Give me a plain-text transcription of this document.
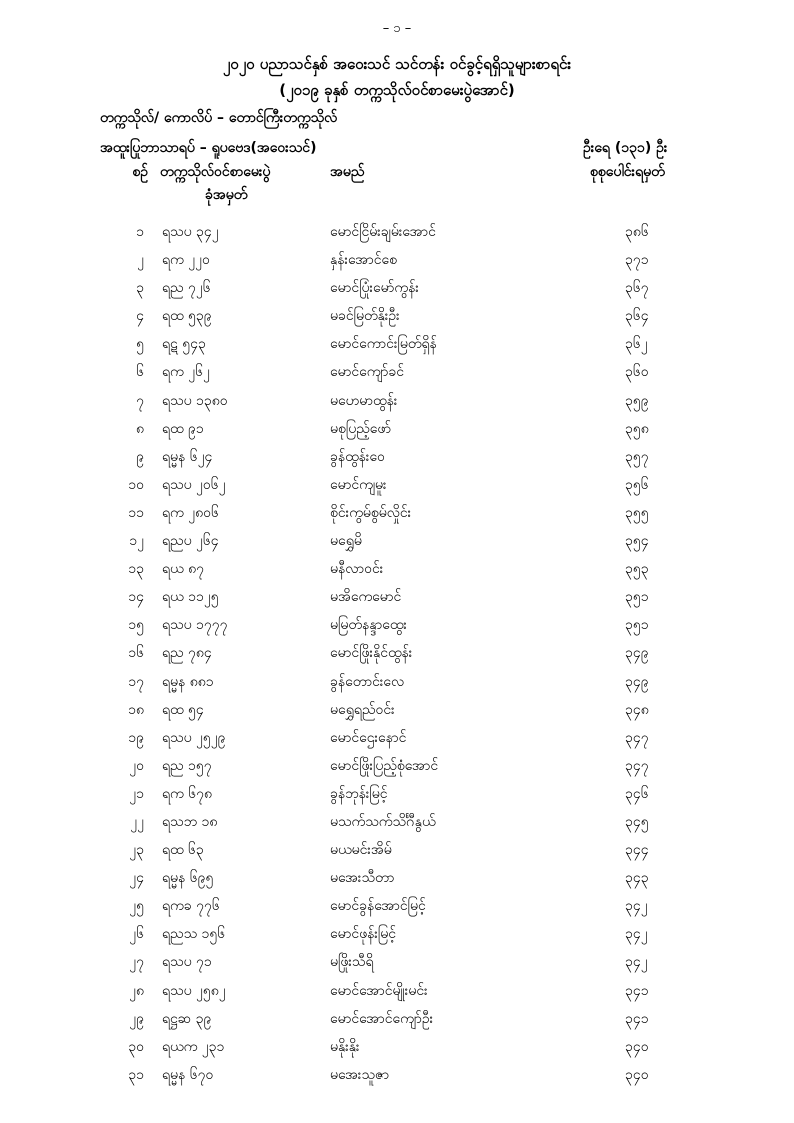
– ၁ –
၂၀၂၀ ပညာသင်နှစ် အဝေးသင် သင်တန်း ဝင်ခွင့်ရရှိသူများစာရင်း
(၂၀၁၉ ခုနှစ် တက္ကသိုလ်ဝင်စာမေးပွဲအောင်)
တက္ကသိုလ်/ ကောလိပ် – တောင်ကြီးတက္ကသိုလ်
အထူးပြုဘာသာရပ် – ရူပဗေဒ(အဝေးသင်)	ဦးရေ (၁၃၁) ဦး
စဉ် တက္ကသိုလ်ဝင်စာမေးပွဲ
ခုံအမှတ်
အမည်	စုစုပေါင်းရမှတ်
၁ ရသပ ၃၄၂	မောင်ငြိမ်းချမ်းအောင်	၃၈၆
၂ ရက ၂၂၀	နှန်းအောင်စေ	၃၇၁
၃ ရည ၇၂၆	မောင်ပြုံးမော်ကွန်း	၃၆၇
၄ ရထ ၅၃၉	မခင်မြတ်နိုးဦး	၃၆၄
၅ ရဋ ၅၄၃	မောင်ကောင်းမြတ်ရှိန်	၃၆၂
၆ ရက ၂၆၂	မောင်ကျော်ခင်	၃၆၀
၇ ရသပ ၁၃၈၀	မဟေမာထွန်း	၃၅၉
၈ ရထ ၉၁	မစုပြည့်ဖော်	၃၅၈
၉ ရမ္မန ၆၂၄	ခွန်ထွန်းဝေ	၃၅၇
၁၀ ရသပ ၂၀၆၂	မောင်ကျမူး	၃၅၆
၁၁ ရက ၂၈၀၆	စိုင်းကွမ်စွမ်လှိုင်း	၃၅၅
၁၂ ရညပ ၂၆၄	မရွှေမိ	၃၅၄
၁၃ ရယ ၈၇	မနီလာဝင်း	၃၅၃
၁၄ ရယ ၁၁၂၅	မအိကေမောင်	၃၅၁
၁၅ ရသပ ၁၇၇၇	မမြတ်နန္ဒာထွေး	၃၅၁
၁၆ ရည ၇၈၄	မောင်ဖြိုးနိုင်ထွန်း	၃၄၉
၁၇ ရမ္မန ၈၈၁	ခွန်တောင်းလေ	၃၄၉
၁၈ ရထ ၅၄	မရွှေရည်ဝင်း	၃၄၈
၁၉ ရသပ ၂၅၂၉	မောင်ဌေးနောင်	၃၄၇
၂၀ ရည ၁၅၇	မောင်ဖြိုးပြည့်စုံအောင်	၃၄၇
၂၁ ရက ၆၇၈	ခွန်ဘုန်းမြင့်	၃၄၆
၂၂ ရသဘ ၁၈	မသက်သက်သိင်္ဂီနွယ်	၃၄၅
၂၃ ရထ ၆၃	မယမင်းအိမ်	၃၄၄
၂၄ ရမ္မန ၆၉၅	မအေးသီတာ	၃၄၃
၂၅ ရကခ ၇၇၆	မောင်ခွန်အောင်မြင့်	၃၄၂
၂၆ ရညသ ၁၅၆	မောင်ဖုန်းမြင့်	၃၄၂
၂၇ ရသပ ၇၁	မဖြိုးသီရိ	၃၄၂
၂၈ ရသပ ၂၅၈၂	မောင်အောင်မျိုးမင်း	၃၄၁
၂၉ ရဋ္ဌဆ ၃၉	မောင်အောင်ကျော်ဦး	၃၄၁
၃၀ ရယက ၂၃၁	မနိုးနိုး	၃၄၀
၃၁ ရမ္မန ၆၇၀	မအေးသူဇာ	၃၄၀
